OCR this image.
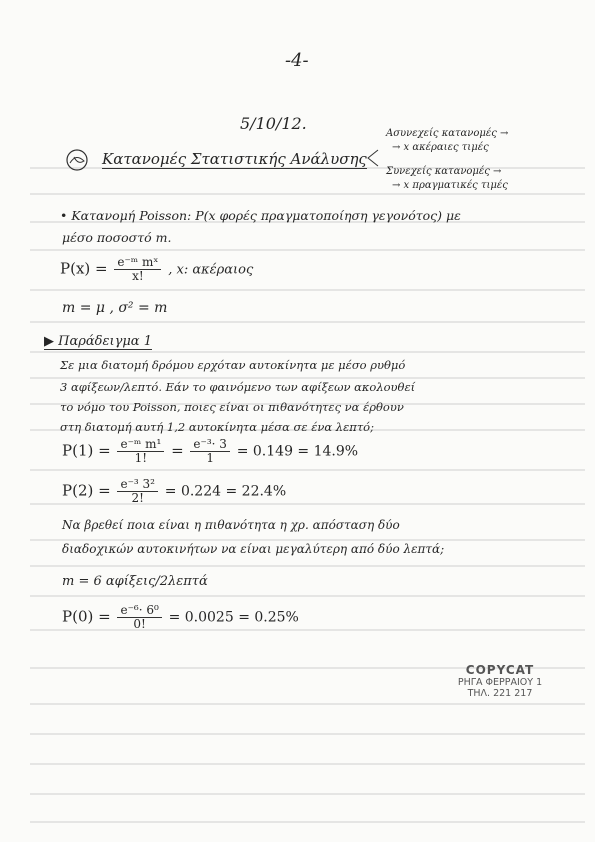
-4-
5/10/12.
Κατανομές Στατιστικής Ανάλυσης
Ασυνεχείς κατανομές →
→ x ακέραιες τιμές
Συνεχείς κατανομές →
→ x πραγματικές τιμές
• Κατανομή Poisson: P(x φορές πραγματοποίηση γεγονότος) με
μέσο ποσοστό m.
$P(x) = \frac{\text{e⁻ᵐ mˣ}}{x!}$ , x: ακέραιος
m = μ , σ² = m
▶ Παράδειγμα 1
Σε μια διατομή δρόμου ερχόταν αυτοκίνητα με μέσο ρυθμό
3 αφίξεων/λεπτό. Εάν το φαινόμενο των αφίξεων ακολουθεί
το νόμο του Poisson, ποιες είναι οι πιθανότητες να έρθουν
στη διατομή αυτή 1,2 αυτοκίνητα μέσα σε ένα λεπτό;
$P(1) = \frac{\text{e⁻ᵐ m¹}}{1!} = \frac{\text{e⁻³· 3}}{1} = 0.149 = 14.9\%$
$P(2) = \frac{\text{e⁻³ 3²}}{2!} = 0.224 = 22.4\%$
Να βρεθεί ποια είναι η πιθανότητα η χρ. απόσταση δύο
διαδοχικών αυτοκινήτων να είναι μεγαλύτερη από δύο λεπτά;
m = 6 αφίξεις/2λεπτά
$P(0) = \frac{\text{e⁻⁶· 6⁰}}{0!} = 0.0025 = 0.25\%$
COPYCAT
ΡΗΓΑ ΦΕΡΡΑΙΟΥ 1
ΤΗΛ. 221 217
